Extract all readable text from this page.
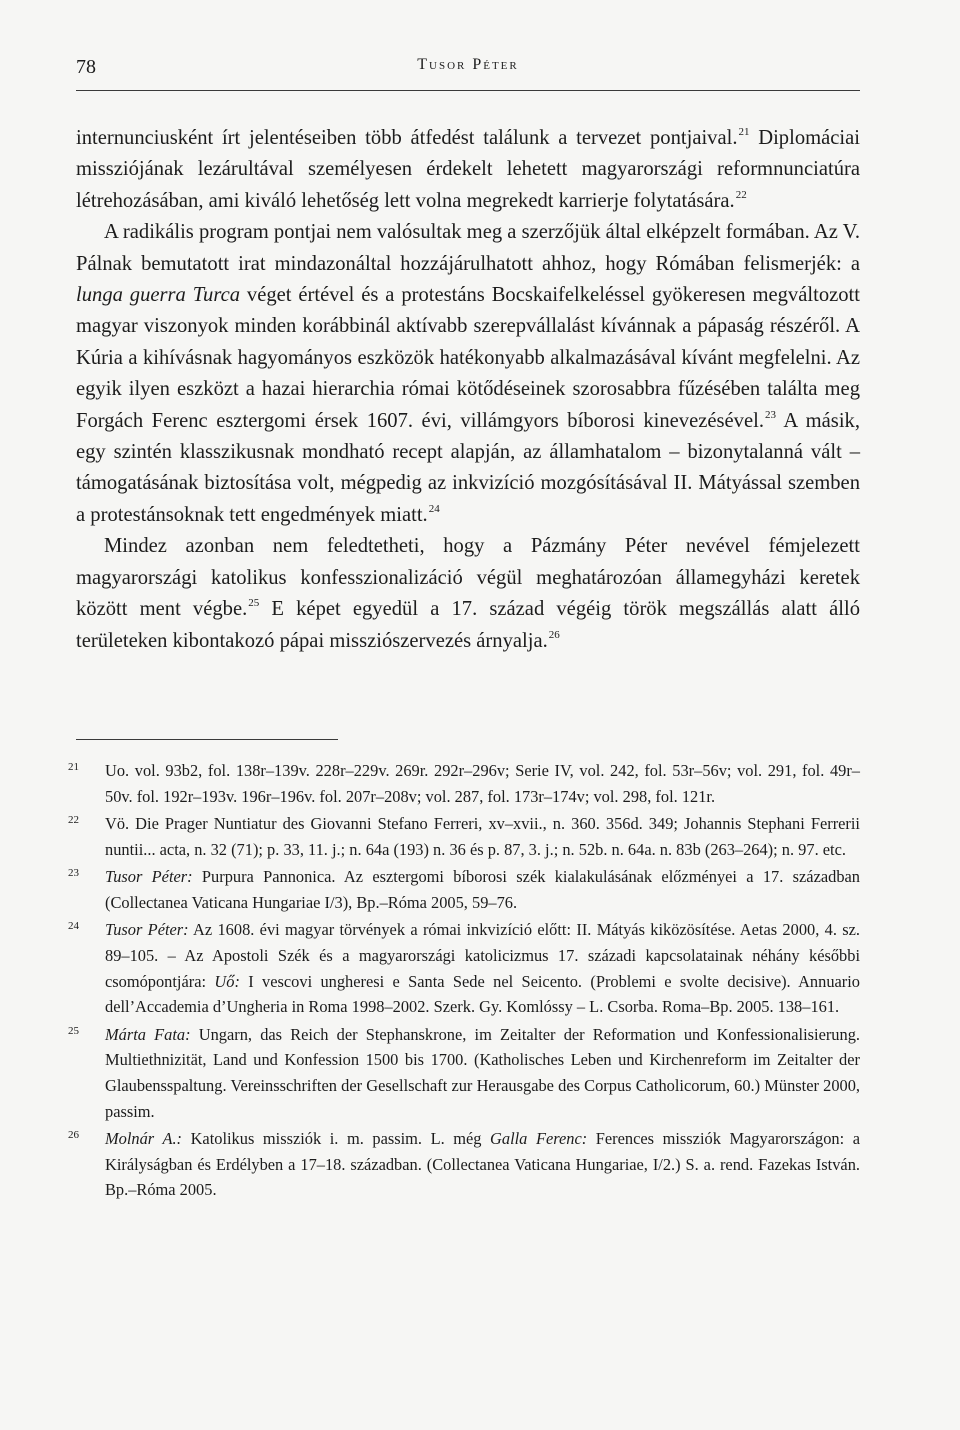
78	Tusor Péter

internunciusként írt jelentéseiben több átfedést találunk a tervezet pontjaival.$^{21}$ Diplomáciai missziójának lezárultával személyesen érdekelt lehetett magyarországi reformnunciatúra létrehozásában, ami kiváló lehetőség lett volna megrekedt karrierje folytatására.$^{22}$

A radikális program pontjai nem valósultak meg a szerzőjük által elképzelt formában. Az V. Pálnak bemutatott irat mindazonáltal hozzájárulhatott ahhoz, hogy Rómában felismerjék: a lunga guerra Turca véget értével és a protestáns Bocskaifelkeléssel gyökeresen megváltozott magyar viszonyok minden korábbinál aktívabb szerepvállalást kívánnak a pápaság részéről. A Kúria a kihívásnak hagyományos eszközök hatékonyabb alkalmazásával kívánt megfelelni. Az egyik ilyen eszközt a hazai hierarchia római kötődéseinek szorosabbra fűzésében találta meg Forgách Ferenc esztergomi érsek 1607. évi, villámgyors bíborosi kinevezésével.$^{23}$ A másik, egy szintén klasszikusnak mondható recept alapján, az államhatalom – bizonytalanná vált – támogatásának biztosítása volt, mégpedig az inkvizíció mozgósításával II. Mátyással szemben a protestánsoknak tett engedmények miatt.$^{24}$

Mindez azonban nem feledtetheti, hogy a Pázmány Péter nevével fémjelezett magyarországi katolikus konfesszionalizáció végül meghatározóan államegyházi keretek között ment végbe.$^{25}$ E képet egyedül a 17. század végéig török megszállás alatt álló területeken kibontakozó pápai missziószervezés árnyalja.$^{26}$

21 Uo. vol. 93b2, fol. 138r–139v. 228r–229v. 269r. 292r–296v; Serie IV, vol. 242, fol. 53r–56v; vol. 291, fol. 49r–50v. fol. 192r–193v. 196r–196v. fol. 207r–208v; vol. 287, fol. 173r–174v; vol. 298, fol. 121r.
22 Vö. Die Prager Nuntiatur des Giovanni Stefano Ferreri, xv–xvii., n. 360. 356d. 349; Johannis Stephani Ferrerii nuntii... acta, n. 32 (71); p. 33, 11. j.; n. 64a (193) n. 36 és p. 87, 3. j.; n. 52b. n. 64a. n. 83b (263–264); n. 97. etc.
23 Tusor Péter: Purpura Pannonica. Az esztergomi bíborosi szék kialakulásának előzményei a 17. században (Collectanea Vaticana Hungariae I/3), Bp.–Róma 2005, 59–76.
24 Tusor Péter: Az 1608. évi magyar törvények a római inkvizíció előtt: II. Mátyás kiközösítése. Aetas 2000, 4. sz. 89–105. – Az Apostoli Szék és a magyarországi katolicizmus 17. századi kapcsolatainak néhány későbbi csomópontjára: Uő: I vescovi ungheresi e Santa Sede nel Seicento. (Problemi e svolte decisive). Annuario dell’Accademia d’Ungheria in Roma 1998–2002. Szerk. Gy. Komlóssy – L. Csorba. Roma–Bp. 2005. 138–161.
25 Márta Fata: Ungarn, das Reich der Stephanskrone, im Zeitalter der Reformation und Konfessionalisierung. Multiethnizität, Land und Konfession 1500 bis 1700. (Katholisches Leben und Kirchenreform im Zeitalter der Glaubensspaltung. Vereinsschriften der Gesellschaft zur Herausgabe des Corpus Catholicorum, 60.) Münster 2000, passim.
26 Molnár A.: Katolikus missziók i. m. passim. L. még Galla Ferenc: Ferences missziók Magyarországon: a Királyságban és Erdélyben a 17–18. században. (Collectanea Vaticana Hungariae, I/2.) S. a. rend. Fazekas István. Bp.–Róma 2005.
